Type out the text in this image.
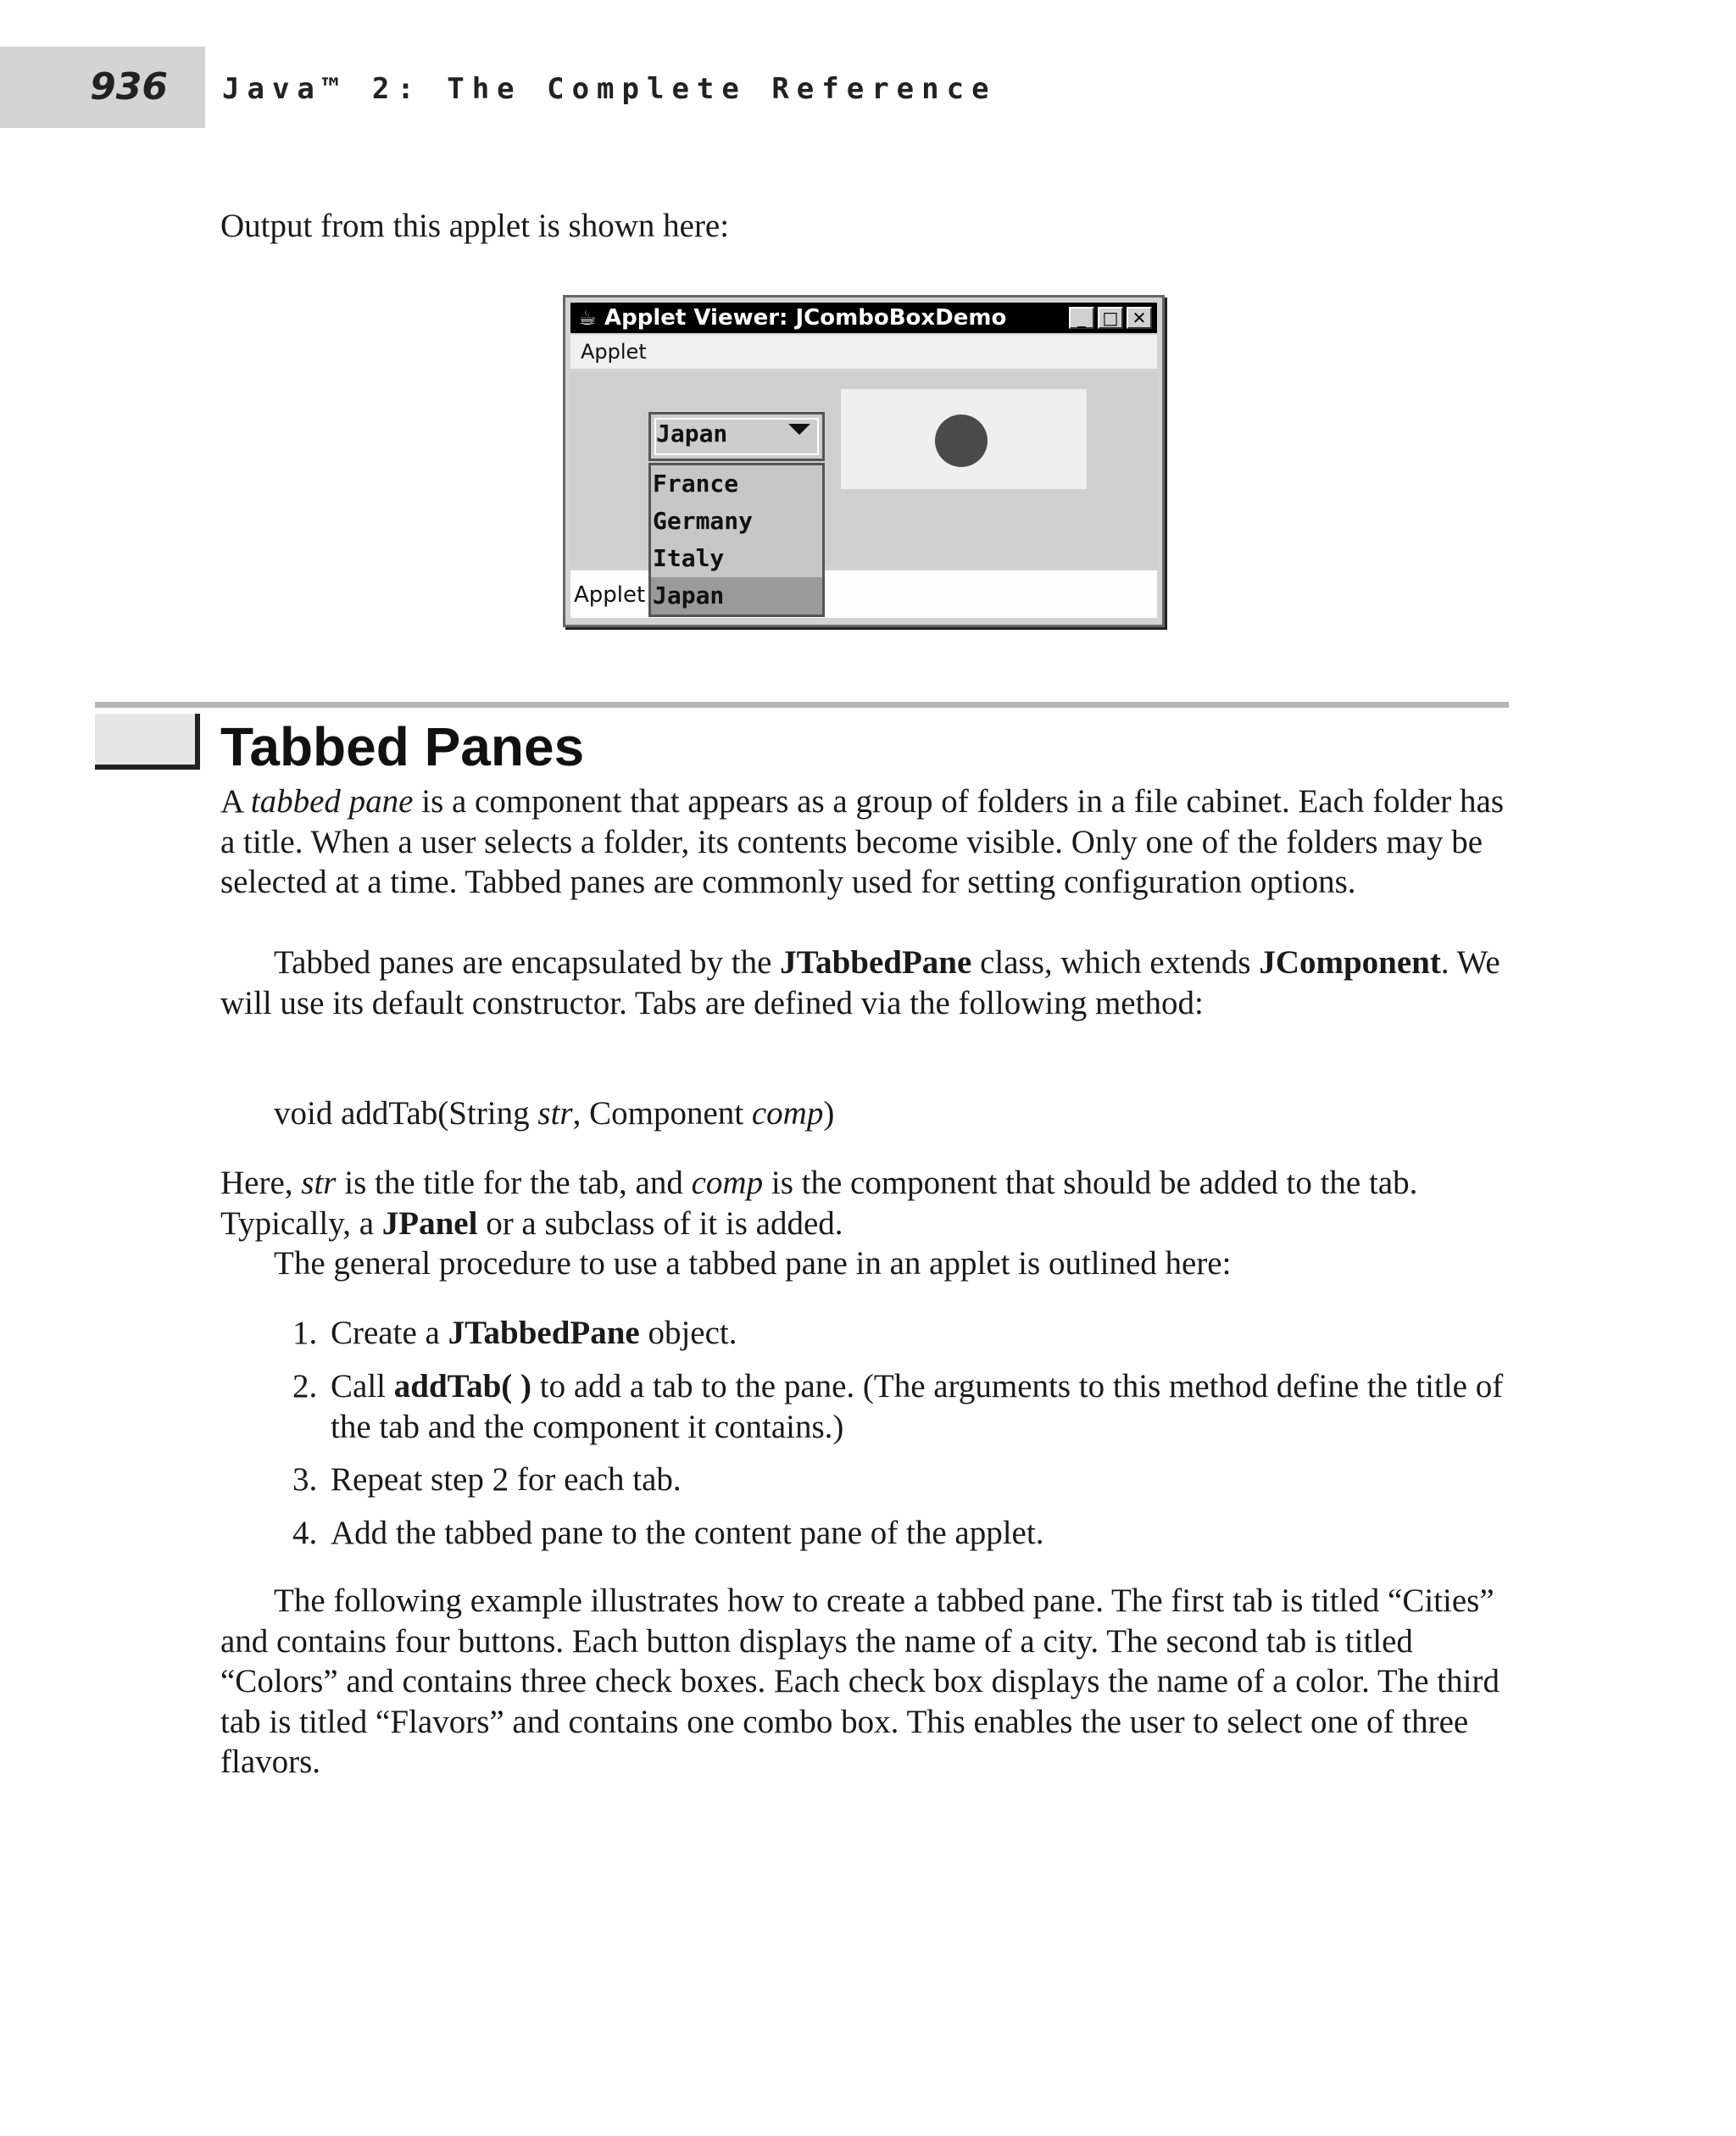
936 Java™ 2: The Complete Reference

Output from this applet is shown here:

☕ Applet Viewer: JComboBoxDemo	_ □ ✕
Applet
Applet
Japan
France
Germany
Italy
Japan
Tabbed Panes

A tabbed pane is a component that appears as a group of folders in a file cabinet. Each folder has a title. When a user selects a folder, its contents become visible. Only one of the folders may be selected at a time. Tabbed panes are commonly used for setting configuration options.

Tabbed panes are encapsulated by the JTabbedPane class, which extends JComponent. We will use its default constructor. Tabs are defined via the following method:

void addTab(String str, Component comp)

Here, str is the title for the tab, and comp is the component that should be added to the tab. Typically, a JPanel or a subclass of it is added.

The general procedure to use a tabbed pane in an applet is outlined here:

1. Create a JTabbedPane object.
2. Call addTab( ) to add a tab to the pane. (The arguments to this method define the title of the tab and the component it contains.)
3. Repeat step 2 for each tab.
4. Add the tabbed pane to the content pane of the applet.

The following example illustrates how to create a tabbed pane. The first tab is titled “Cities” and contains four buttons. Each button displays the name of a city. The second tab is titled “Colors” and contains three check boxes. Each check box displays the name of a color. The third tab is titled “Flavors” and contains one combo box. This enables the user to select one of three flavors.
